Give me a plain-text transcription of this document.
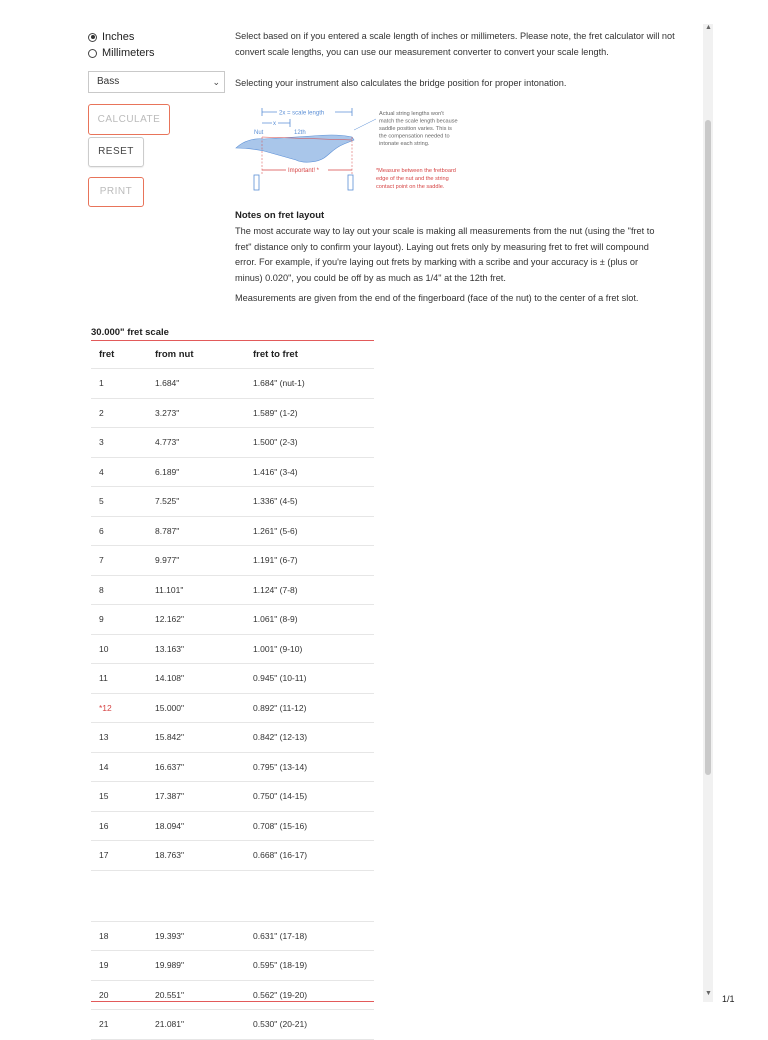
Inches
Millimeters
Bass	⌄
CALCULATE
RESET
PRINT
Select based on if you entered a scale length of inches or millimeters. Please note, the fret calculator will not convert scale lengths, you can use our measurement converter to convert your scale length.
Selecting your instrument also calculates the bridge position for proper intonation.
2x = scale length
x
Nut	12th
Important! *
Actual string lengths won't match the scale length because saddle position varies. This is the compensation needed to intonate each string.
*Measure between the fretboard edge of the nut and the string contact point on the saddle.
Notes on fret layout
The most accurate way to lay out your scale is making all measurements from the nut (using the "fret to fret" distance only to confirm your layout). Laying out frets only by measuring fret to fret will compound error. For example, if you're laying out frets by marking with a scribe and your accuracy is ± (plus or minus) 0.020", you could be off by as much as 1/4" at the 12th fret.
Measurements are given from the end of the fingerboard (face of the nut) to the center of a fret slot.
30.000" fret scale
fret	from nut	fret to fret
1	1.684"	1.684" (nut-1)
2	3.273"	1.589" (1-2)
3	4.773"	1.500" (2-3)
4	6.189"	1.416" (3-4)
5	7.525"	1.336" (4-5)
6	8.787"	1.261" (5-6)
7	9.977"	1.191" (6-7)
8	11.101"	1.124" (7-8)
9	12.162"	1.061" (8-9)
10	13.163"	1.001" (9-10)
11	14.108"	0.945" (10-11)
*12	15.000"	0.892" (11-12)
13	15.842"	0.842" (12-13)
14	16.637"	0.795" (13-14)
15	17.387"	0.750" (14-15)
16	18.094"	0.708" (15-16)
17	18.763"	0.668" (16-17)
18	19.393"	0.631" (17-18)
19	19.989"	0.595" (18-19)
20	20.551"	0.562" (19-20)
21	21.081"	0.530" (20-21)
▲
▼
1/1
